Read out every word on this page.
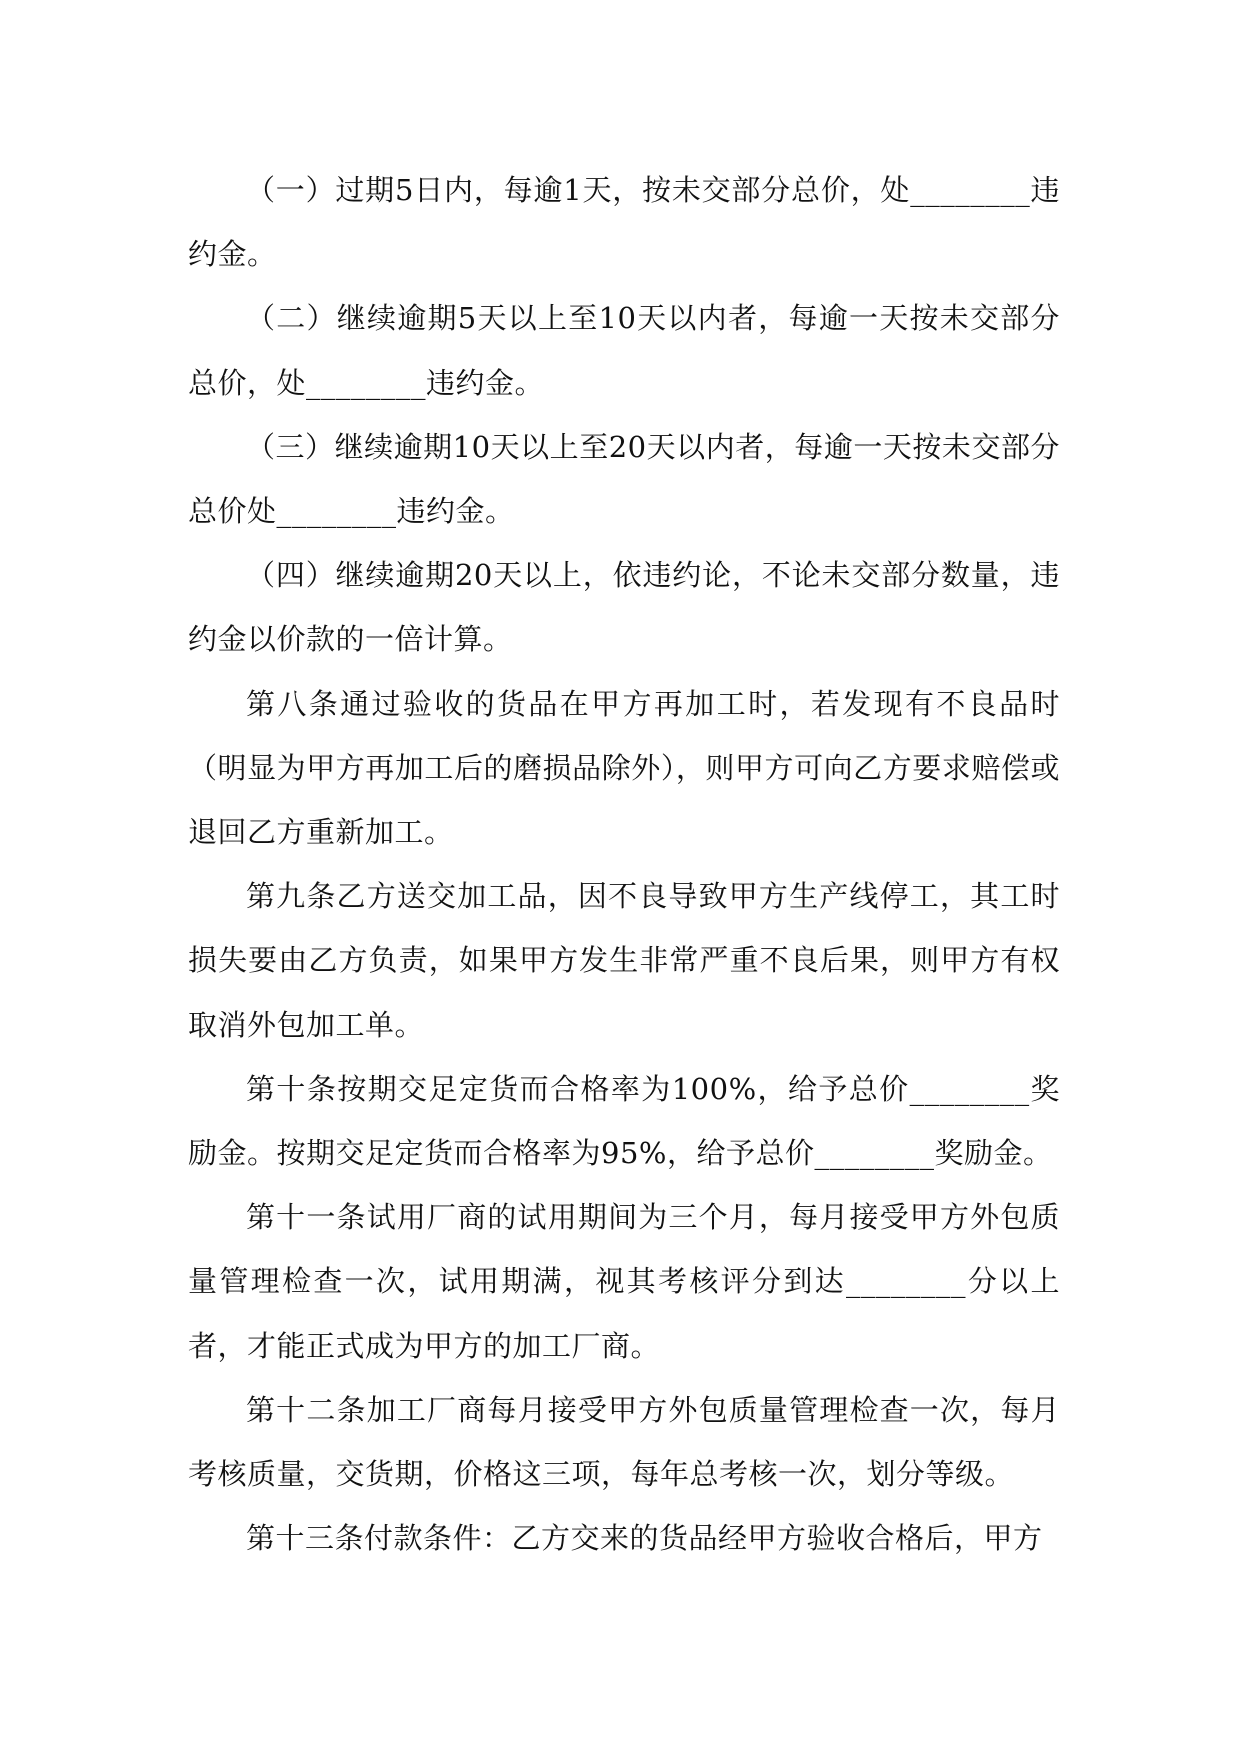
（一）过期5日内，每逾1天，按未交部分总价，处________违约金。

（二）继续逾期5天以上至10天以内者，每逾一天按未交部分总价，处________违约金。

（三）继续逾期10天以上至20天以内者，每逾一天按未交部分总价处________违约金。

（四）继续逾期20天以上，依违约论，不论未交部分数量，违约金以价款的一倍计算。

第八条通过验收的货品在甲方再加工时，若发现有不良品时（明显为甲方再加工后的磨损品除外），则甲方可向乙方要求赔偿或退回乙方重新加工。

第九条乙方送交加工品，因不良导致甲方生产线停工，其工时损失要由乙方负责，如果甲方发生非常严重不良后果，则甲方有权取消外包加工单。

第十条按期交足定货而合格率为100%，给予总价________奖励金。按期交足定货而合格率为95%，给予总价________奖励金。

第十一条试用厂商的试用期间为三个月，每月接受甲方外包质量管理检查一次，试用期满，视其考核评分到达________分以上者，才能正式成为甲方的加工厂商。

第十二条加工厂商每月接受甲方外包质量管理检查一次，每月考核质量，交货期，价格这三项，每年总考核一次，划分等级。

第十三条付款条件：乙方交来的货品经甲方验收合格后，甲方
